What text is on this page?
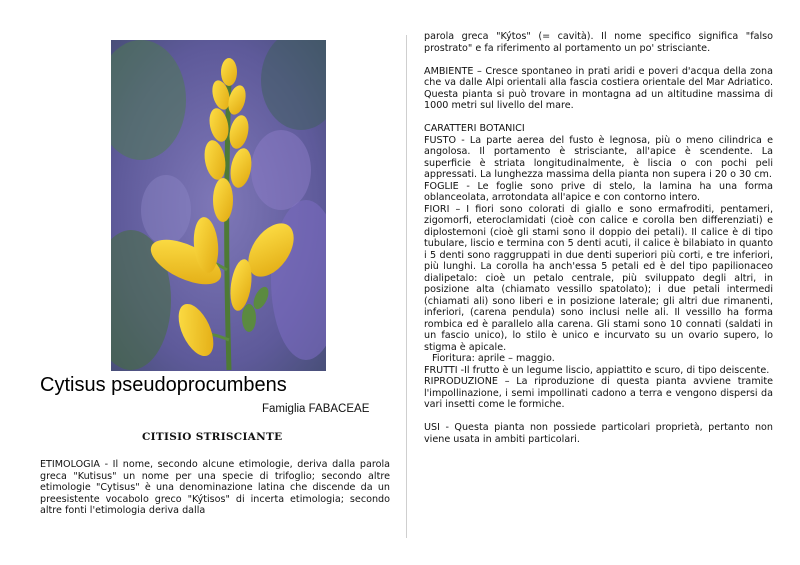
Cytisus pseudoprocumbens
Famiglia FABACEAE
CITISIO STRISCIANTE

ETIMOLOGIA - Il nome, secondo alcune etimologie, deriva dalla parola greca "Kutisus" un nome per una specie di trifoglio; secondo altre etimologie "Cytisus" è una denominazione latina che discende da un preesistente vocabolo greco "Kýtisos" di incerta etimologia; secondo altre fonti l'etimologia deriva dalla

parola greca "Kýtos" (= cavità). Il nome specifico significa "falso prostrato" e fa riferimento al portamento un po' strisciante.

AMBIENTE – Cresce spontaneo in prati aridi e poveri d'acqua della zona che va dalle Alpi orientali alla fascia costiera orientale del Mar Adriatico. Questa pianta si può trovare in montagna ad un altitudine massima di 1000 metri sul livello del mare.

CARATTERI BOTANICI

FUSTO - La parte aerea del fusto è legnosa, più o meno cilindrica e angolosa. Il portamento è strisciante, all'apice è scendente. La superficie è striata longitudinalmente, è liscia o con pochi peli appressati. La lunghezza massima della pianta non supera i 20 o 30 cm.

FOGLIE - Le foglie sono prive di stelo, la lamina ha una forma oblanceolata, arrotondata all'apice e con contorno intero.

FIORI – I fiori sono colorati di giallo e sono ermafroditi, pentameri, zigomorfi, eteroclamidati (cioè con calice e corolla ben differenziati) e diplostemoni (cioè gli stami sono il doppio dei petali). Il calice è di tipo tubulare, liscio e termina con 5 denti acuti, il calice è bilabiato in quanto i 5 denti sono raggruppati in due denti superiori più corti, e tre inferiori, più lunghi. La corolla ha anch'essa 5 petali ed è del tipo papilionaceo dialipetalo: cioè un petalo centrale, più sviluppato degli altri, in posizione alta (chiamato vessillo spatolato); i due petali intermedi (chiamati ali) sono liberi e in posizione laterale; gli altri due rimanenti, inferiori, (carena pendula) sono inclusi nelle ali. Il vessillo ha forma rombica ed è parallelo alla carena. Gli stami sono 10 connati (saldati in un fascio unico), lo stilo è unico e incurvato su un ovario supero, lo stigma è apicale.

Fioritura: aprile – maggio.

FRUTTI -Il frutto è un legume liscio, appiattito e scuro, di tipo deiscente.

RIPRODUZIONE – La riproduzione di questa pianta avviene tramite l'impollinazione, i semi impollinati cadono a terra e vengono dispersi da vari insetti come le formiche.

USI - Questa pianta non possiede particolari proprietà, pertanto non viene usata in ambiti particolari.
